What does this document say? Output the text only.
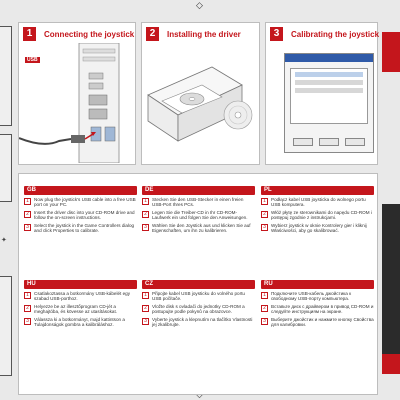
◇
✦
1	Connecting the joystick
USB
2	Installing the driver	3	Calibrating the joystick
GB
1	Now plug the joystick's USB cable into a free USB port on your PC.
2	Insert the driver disc into your CD-ROM drive and follow the on-screen instructions.
3	Select the joystick in the Game Controllers dialog and click Properties to calibrate.
DE
1	Stecken Sie den USB-Stecker in einen freien USB-Port Ihres PCs.
2	Legen Sie die Treiber-CD in Ihr CD-ROM-Laufwerk ein und folgen Sie den Anweisungen.
3	Wählen Sie den Joystick aus und klicken Sie auf Eigenschaften, um ihn zu kalibrieren.
PL
1	Podłącz kabel USB joysticka do wolnego portu USB komputera.
2	Włóż płytę ze sterownikami do napędu CD-ROM i postępuj zgodnie z instrukcjami.
3	Wybierz joystick w oknie Kontrolery gier i kliknij Właściwości, aby go skalibrować.
HU
1	Csatlakoztassa a botkormány USB-kábelét egy szabad USB-porthoz.
2	Helyezze be az illesztőprogram CD-jét a meghajtóba, és kövesse az utasításokat.
3	Válassza ki a botkormányt, majd kattintson a Tulajdonságok gombra a kalibráláshoz.
CZ
1	Připojte kabel USB joysticku do volného portu USB počítače.
2	Vložte disk s ovladači do jednotky CD-ROM a postupujte podle pokynů na obrazovce.
3	Vyberte joystick a klepnutím na tlačítko Vlastnosti jej zkalibrujte.
RU
1	Подключите USB-кабель джойстика к свободному USB-порту компьютера.
2	Вставьте диск с драйвером в привод CD-ROM и следуйте инструкциям на экране.
3	Выберите джойстик и нажмите кнопку Свойства для калибровки.
